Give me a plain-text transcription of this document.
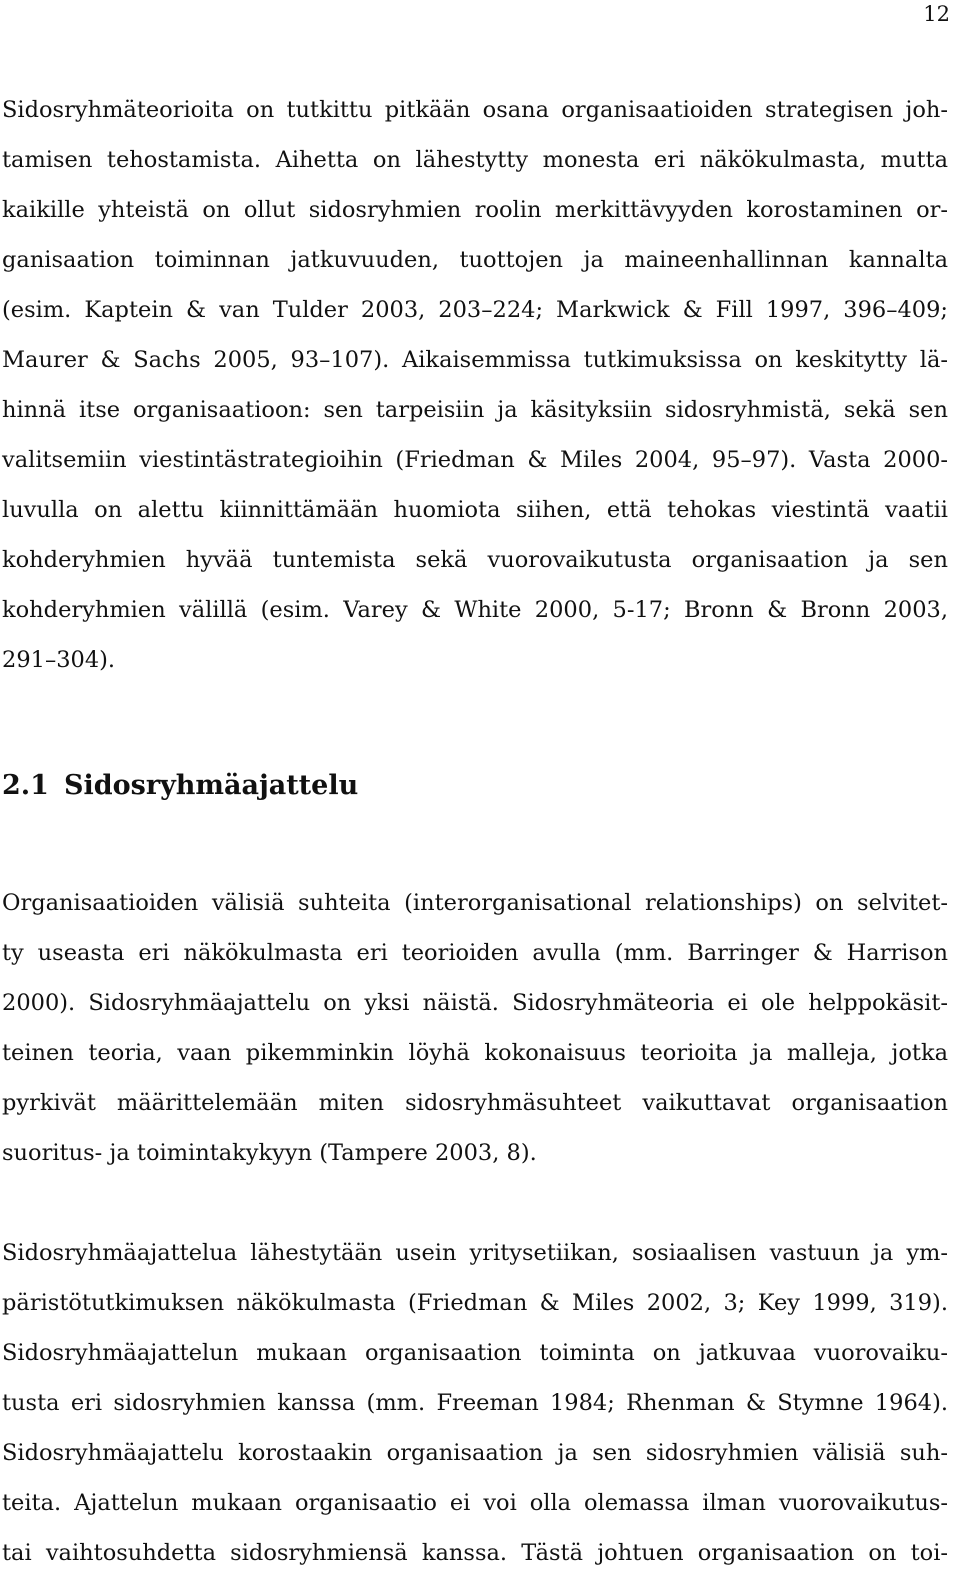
12
Sidosryhmäteorioita on tutkittu pitkään osana organisaatioiden strategisen joh-
tamisen tehostamista. Aihetta on lähestytty monesta eri näkökulmasta, mutta
kaikille yhteistä on ollut sidosryhmien roolin merkittävyyden korostaminen or-
ganisaation toiminnan jatkuvuuden, tuottojen ja maineenhallinnan kannalta
(esim. Kaptein & van Tulder 2003, 203–224; Markwick & Fill 1997, 396–409;
Maurer & Sachs 2005, 93–107). Aikaisemmissa tutkimuksissa on keskitytty lä-
hinnä itse organisaatioon: sen tarpeisiin ja käsityksiin sidosryhmistä, sekä sen
valitsemiin viestintästrategioihin (Friedman & Miles 2004, 95–97). Vasta 2000-
luvulla on alettu kiinnittämään huomiota siihen, että tehokas viestintä vaatii
kohderyhmien hyvää tuntemista sekä vuorovaikutusta organisaation ja sen
kohderyhmien välillä (esim. Varey & White 2000, 5-17; Bronn & Bronn 2003,
291–304).
2.1 Sidosryhmäajattelu
Organisaatioiden välisiä suhteita (interorganisational relationships) on selvitet-
ty useasta eri näkökulmasta eri teorioiden avulla (mm. Barringer & Harrison
2000). Sidosryhmäajattelu on yksi näistä. Sidosryhmäteoria ei ole helppokäsit-
teinen teoria, vaan pikemminkin löyhä kokonaisuus teorioita ja malleja, jotka
pyrkivät määrittelemään miten sidosryhmäsuhteet vaikuttavat organisaation
suoritus- ja toimintakykyyn (Tampere 2003, 8).
Sidosryhmäajattelua lähestytään usein yritysetiikan, sosiaalisen vastuun ja ym-
päristötutkimuksen näkökulmasta (Friedman & Miles 2002, 3; Key 1999, 319).
Sidosryhmäajattelun mukaan organisaation toiminta on jatkuvaa vuorovaiku-
tusta eri sidosryhmien kanssa (mm. Freeman 1984; Rhenman & Stymne 1964).
Sidosryhmäajattelu korostaakin organisaation ja sen sidosryhmien välisiä suh-
teita. Ajattelun mukaan organisaatio ei voi olla olemassa ilman vuorovaikutus-
tai vaihtosuhdetta sidosryhmiensä kanssa. Tästä johtuen organisaation on toi-
